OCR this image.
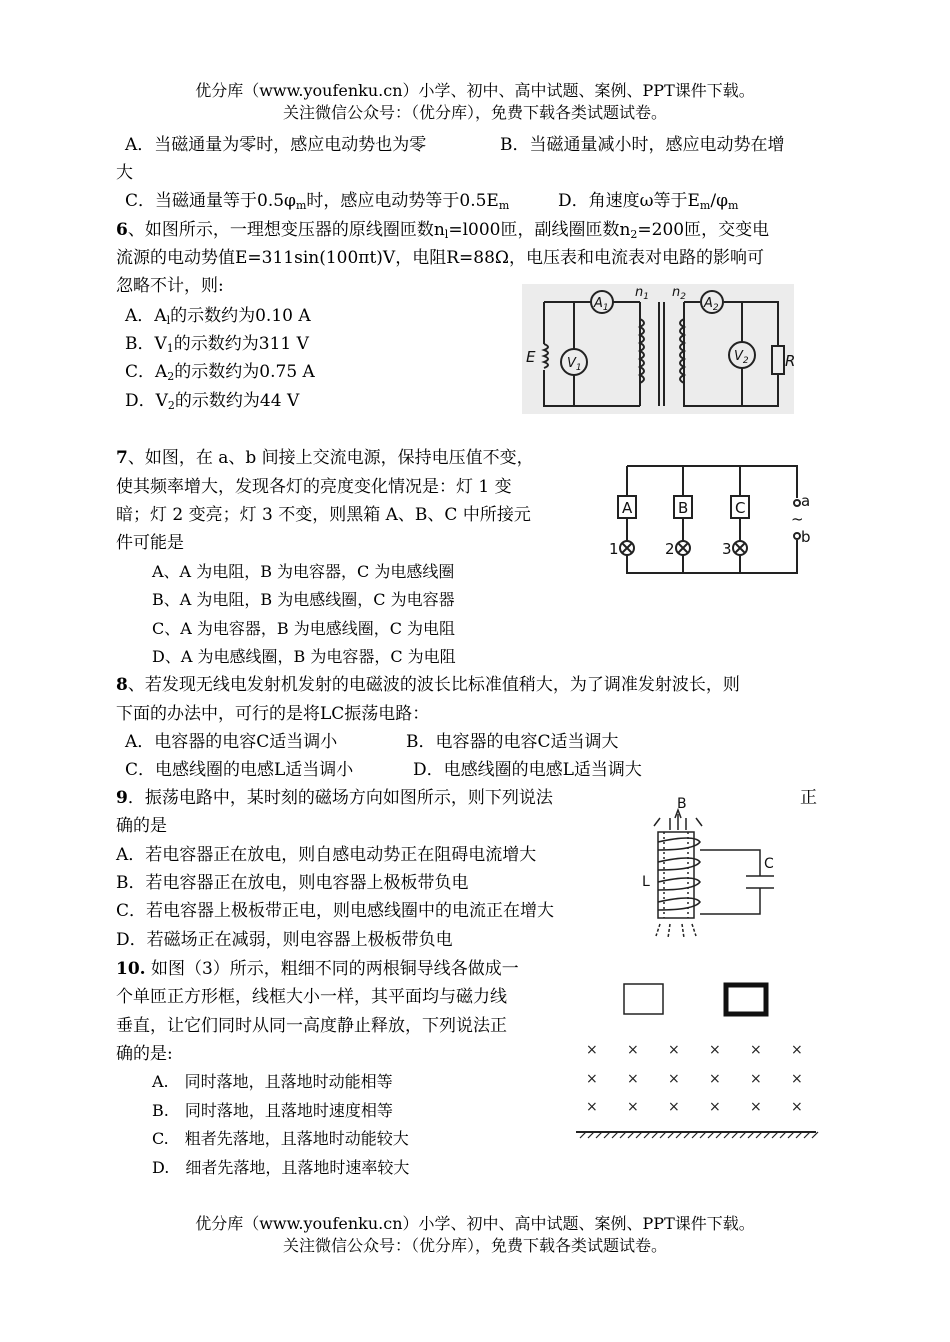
优分库（www.youfenku.cn）小学、初中、高中试题、案例、PPT课件下载。
关注微信公众号：（优分库），免费下载各类试题试卷。
A．当磁通量为零时，感应电动势也为零	B．当磁通量减小时，感应电动势在增
大
C．当磁通量等于$0.5\varphi_m$时，感应电动势等于$0.5E_m$	D．角速度ω等于$E_m/\varphi_m$
6、如图所示，一理想变压器的原线圈匝数$n_l=l000$匝，副线圈匝数$n_2=200$匝，交变电
流源的电动势值E=311sin(100πt)V，电阻R=88Ω，电压表和电流表对电路的影响可
忽略不计，则:
A．$A_l$的示数约为0.10 A
B．$V_1$的示数约为311 V
C．$A_2$的示数约为0.75 A
D．$V_2$的示数约为44 V
$A_1$
$V_1$
$A_2$
$V_2$
$n_1$ $n_2$
E	R
7、如图，在 a、b 间接上交流电源，保持电压值不变，
使其频率增大，发现各灯的亮度变化情况是：灯 1 变
暗；灯 2 变亮；灯 3 不变，则黑箱 A、B、C 中所接元
件可能是
A、A 为电阻，B 为电容器，C 为电感线圈
B、A 为电阻，B 为电感线圈，C 为电容器
C、A 为电容器，B 为电感线圈，C 为电阻
D、A 为电感线圈，B 为电容器，C 为电阻
A	B	C
1	2	3
a
~
b
8、若发现无线电发射机发射的电磁波的波长比标准值稍大，为了调准发射波长，则
下面的办法中，可行的是将LC振荡电路：
A．电容器的电容C适当调小	B．电容器的电容C适当调大
C．电感线圈的电感L适当调小	D．电感线圈的电感L适当调大
9．振荡电路中，某时刻的磁场方向如图所示，则下列说法	正
确的是
A．若电容器正在放电，则自感电动势正在阻碍电流增大
B．若电容器正在放电，则电容器上极板带负电
C．若电容器上极板带正电，则电感线圈中的电流正在增大
D．若磁场正在减弱，则电容器上极板带负电
B
L
C
10. 如图（3）所示，粗细不同的两根铜导线各做成一
个单匝正方形框，线框大小一样，其平面均与磁力线
垂直，让它们同时从同一高度静止释放，下列说法正
确的是:
A.　同时落地，且落地时动能相等
B.　同时落地，且落地时速度相等
C.　粗者先落地，且落地时动能较大
D.　细者先落地，且落地时速率较大
× × × × × ×
× × × × × ×
× × × × × ×
优分库（www.youfenku.cn）小学、初中、高中试题、案例、PPT课件下载。
关注微信公众号：（优分库），免费下载各类试题试卷。
